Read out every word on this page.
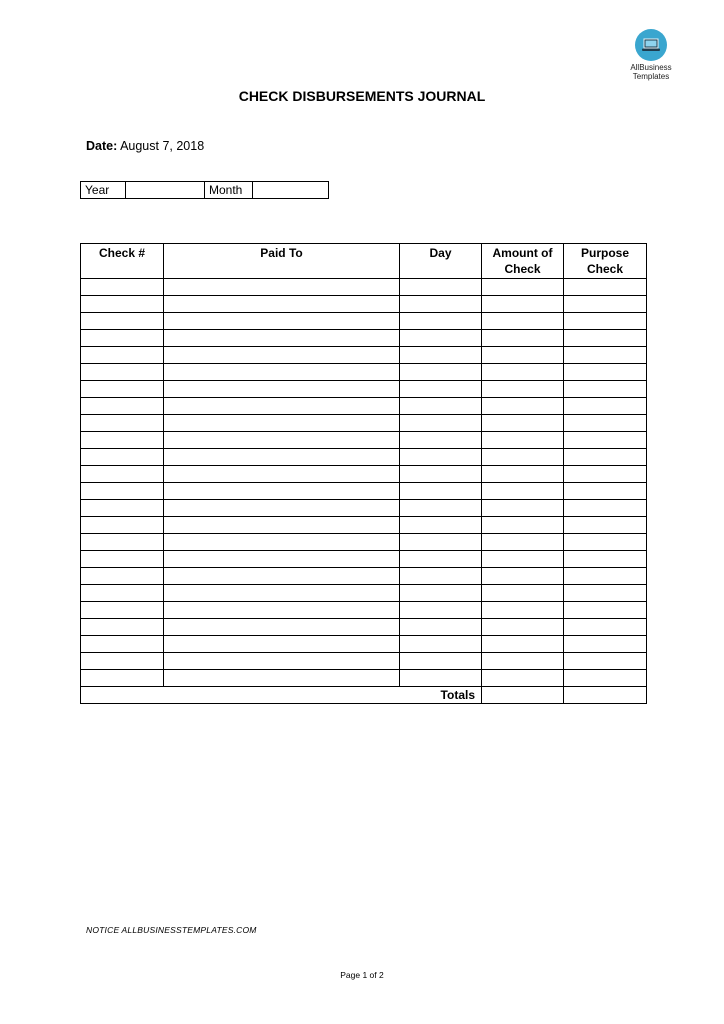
AllBusiness
Templates
CHECK DISBURSEMENTS JOURNAL
Date: August 7, 2018
Year		Month	
Check #	Paid To	Day	Amount of Check	Purpose Check

Totals				
NOTICE ALLBUSINESSTEMPLATES.COM
Page 1 of 2
